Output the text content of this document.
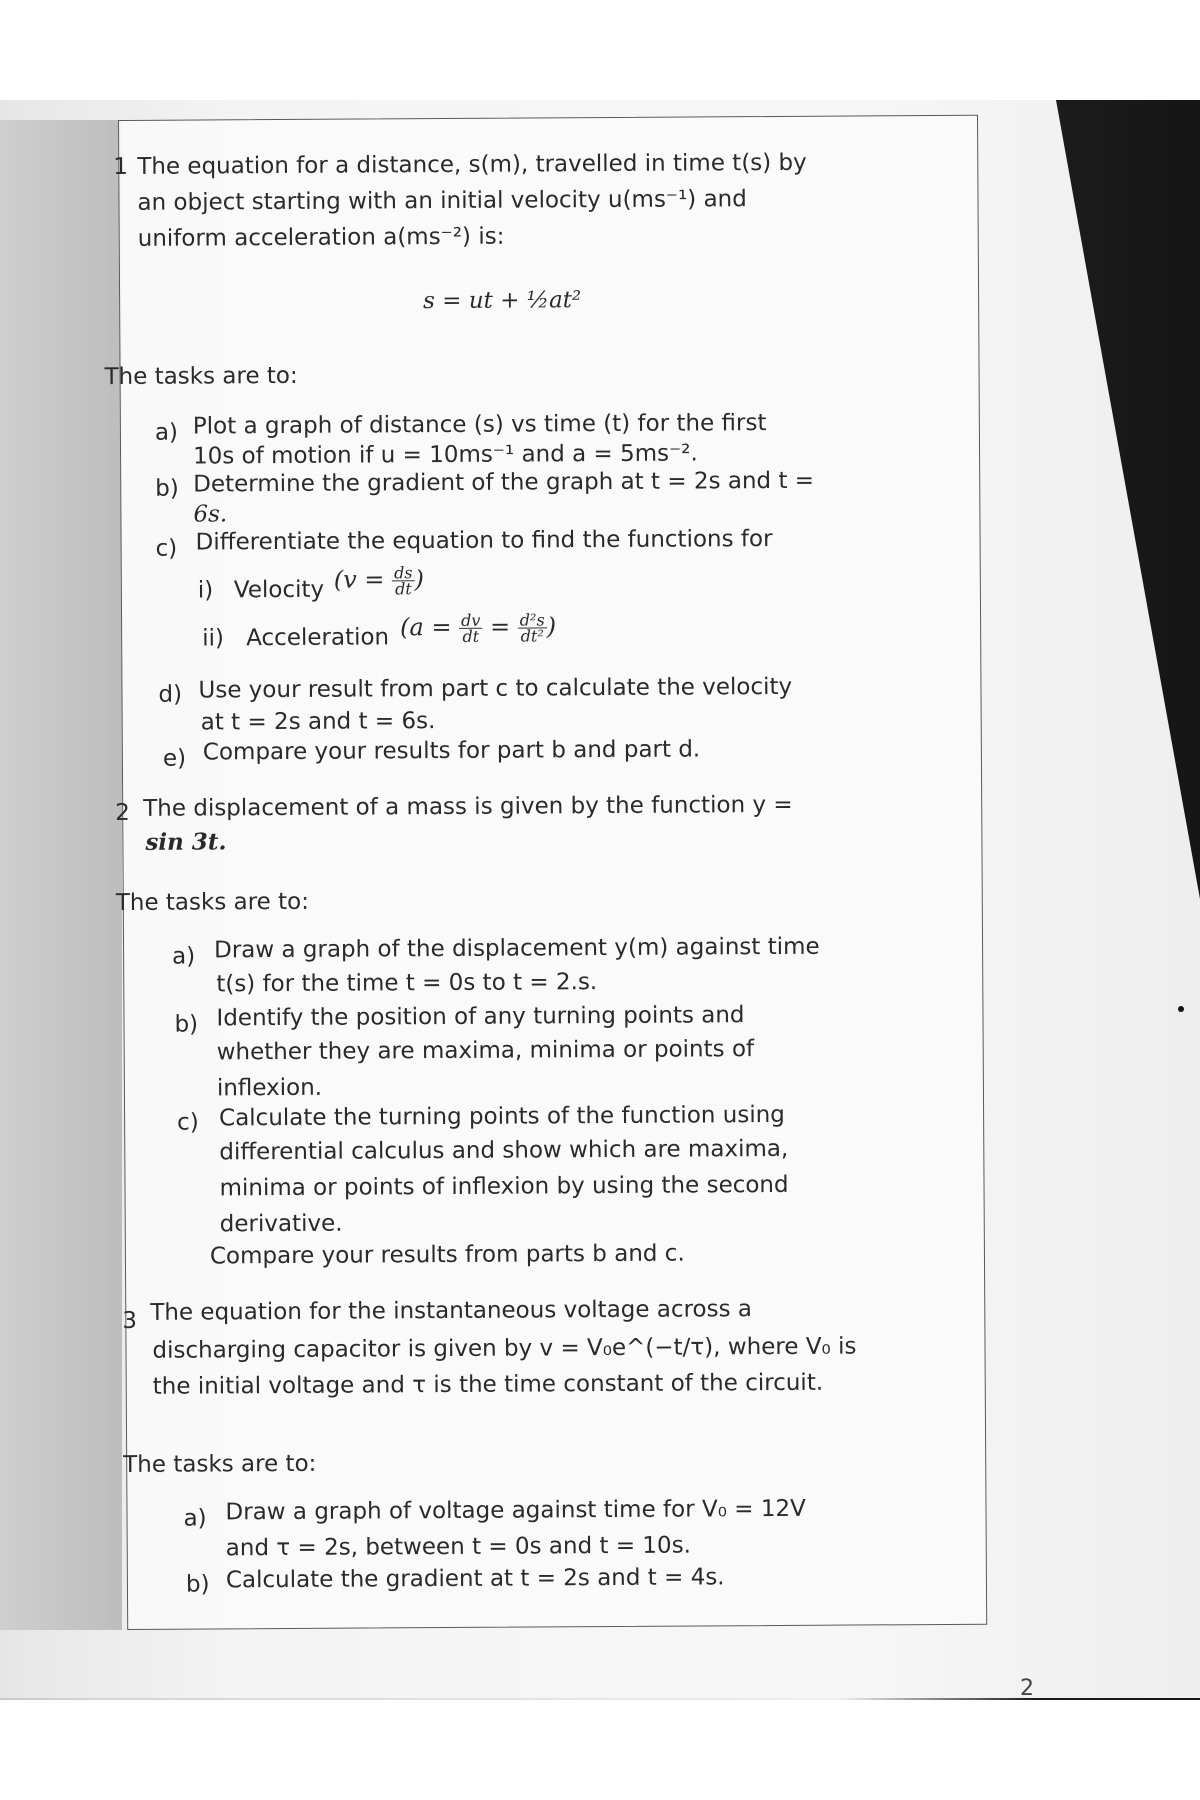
1 The equation for a distance, s(m), travelled in time t(s) by
an object starting with an initial velocity u(ms⁻¹) and
uniform acceleration a(ms⁻²) is:
s = ut + ½at²
The tasks are to:
a) Plot a graph of distance (s) vs time (t) for the first
10s of motion if u = 10ms⁻¹ and a = 5ms⁻².
b) Determine the gradient of the graph at t = 2s and t =
6s.
c) Differentiate the equation to find the functions for
i) Velocity ($v = \frac{ds}{dt}$ )
ii) Acceleration ($a = \frac{dv}{dt} = \frac{\text{d²s}}{\text{dt²}}$ )
d) Use your result from part c to calculate the velocity
at t = 2s and t = 6s.
e) Compare your results for part b and part d.
2 The displacement of a mass is given by the function y =
sin 3t.
The tasks are to:
a) Draw a graph of the displacement y(m) against time
t(s) for the time t = 0s to t = 2.s.
b) Identify the position of any turning points and
whether they are maxima, minima or points of
inflexion.
c) Calculate the turning points of the function using
differential calculus and show which are maxima,
minima or points of inflexion by using the second
derivative.
Compare your results from parts b and c.
3 The equation for the instantaneous voltage across a
discharging capacitor is given by v = V₀e^(−t/τ), where V₀ is
the initial voltage and τ is the time constant of the circuit.
The tasks are to:
a) Draw a graph of voltage against time for V₀ = 12V
and τ = 2s, between t = 0s and t = 10s.
b) Calculate the gradient at t = 2s and t = 4s.
2
